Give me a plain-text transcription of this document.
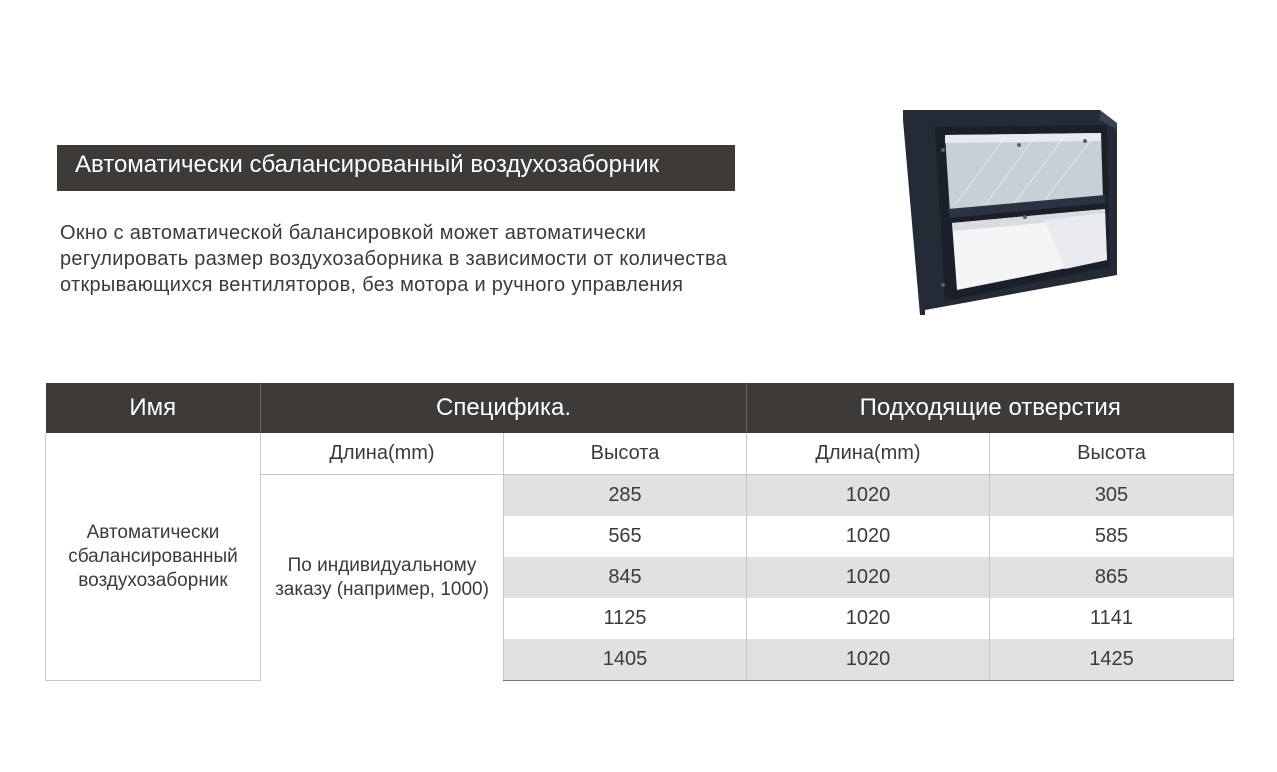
Автоматически сбалансированный воздухозаборник
Окно с автоматической балансировкой может автоматически регулировать размер воздухозаборника в зависимости от количества открывающихся вентиляторов, без мотора и ручного управления
Имя	Специфика.		Подходящие отверстия	
Автоматически сбалансированный воздухозаборник	Длина(mm)	Высота	Длина(mm)	Высота
	По индивидуальному заказу (например, 1000)	285	1020	305
		565	1020	585
		845	1020	865
		1125	1020	1141
		1405	1020	1425
